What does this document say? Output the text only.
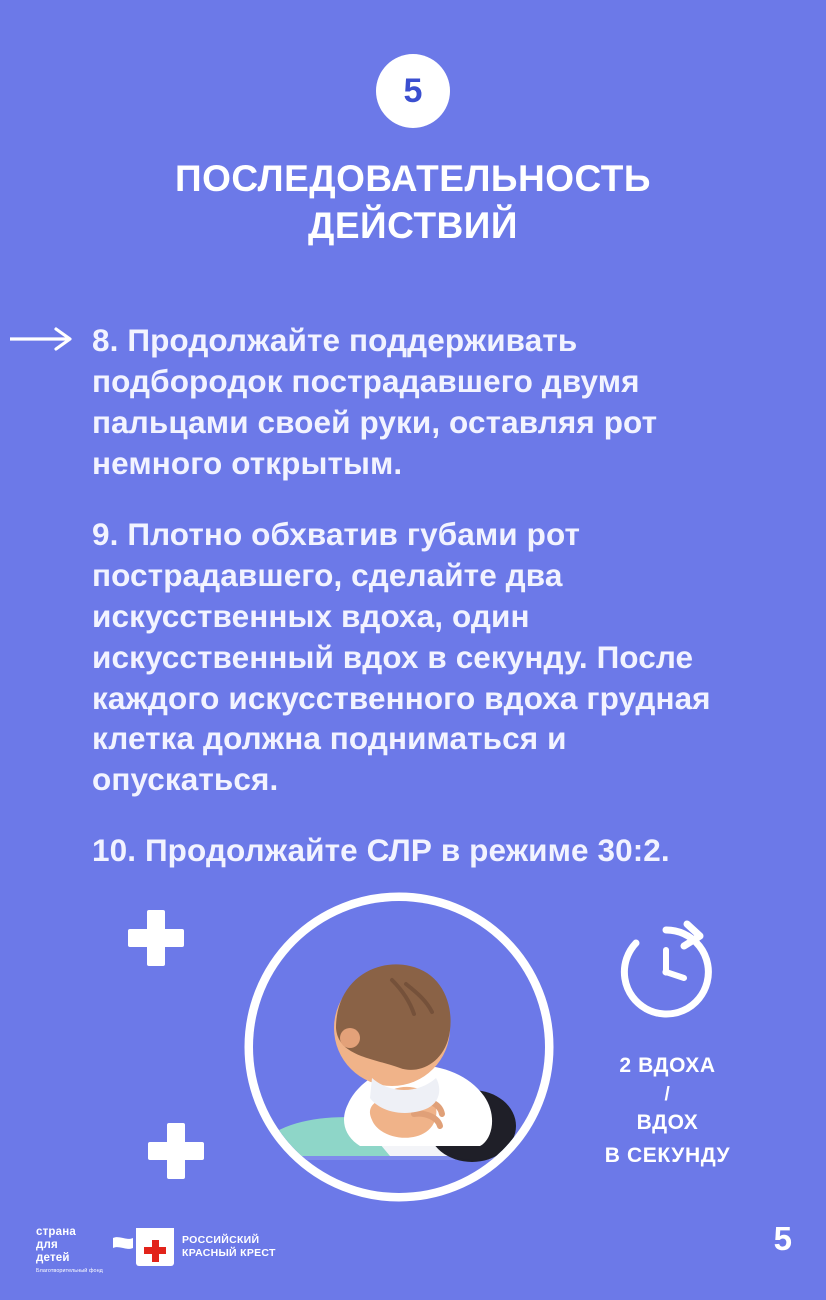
5
ПОСЛЕДОВАТЕЛЬНОСТЬ
ДЕЙСТВИЙ

8. Продолжайте поддерживать подбородок пострадавшего двумя пальцами своей руки, оставляя рот немного открытым.

9. Плотно обхватив губами рот пострадавшего, сделайте два искусственных вдоха, один искусственный вдох в секунду. После каждого искусственного вдоха грудная клетка должна подниматься и опускаться.

10. Продолжайте СЛР в режиме 30:2.

2 ВДОХА
/
ВДОХ
В СЕКУНДУ
страна
для
детей
Благотворительный фонд
РОССИЙСКИЙ
КРАСНЫЙ КРЕСТ	5
